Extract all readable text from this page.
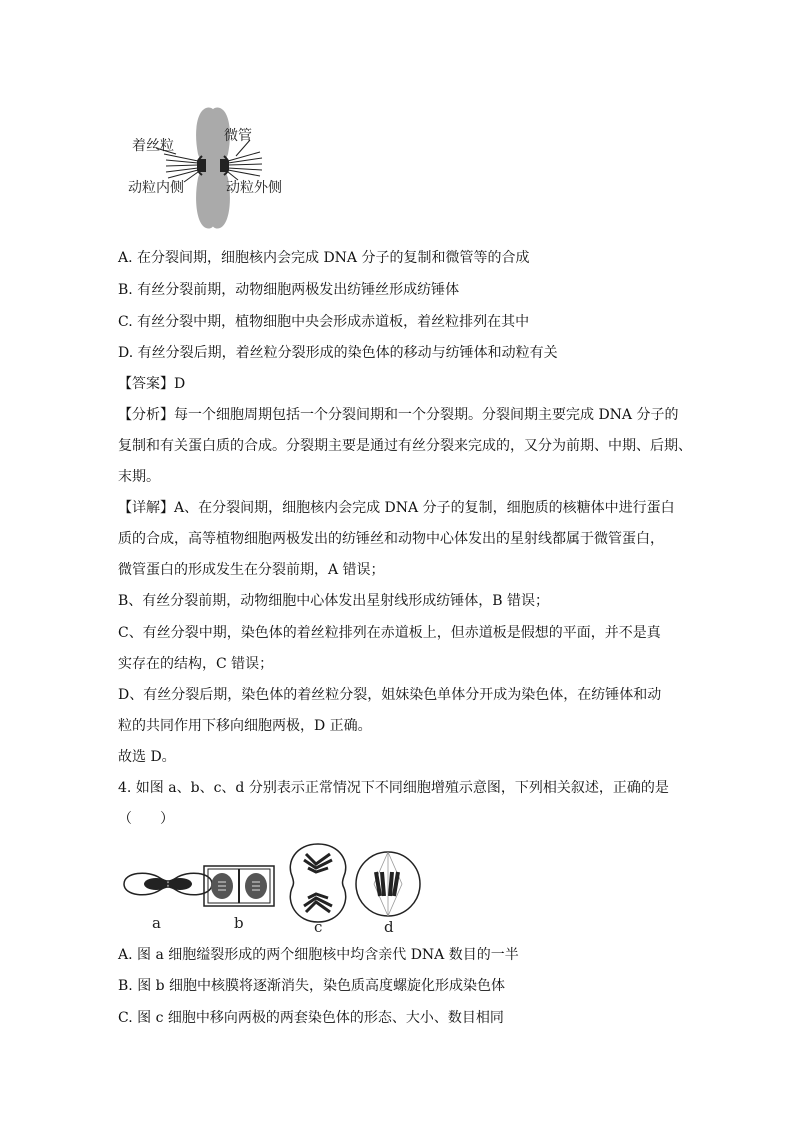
着丝粒
微管
动粒内侧	动粒外侧
A. 在分裂间期，细胞核内会完成 DNA 分子的复制和微管等的合成
B. 有丝分裂前期，动物细胞两极发出纺锤丝形成纺锤体
C. 有丝分裂中期，植物细胞中央会形成赤道板，着丝粒排列在其中
D. 有丝分裂后期，着丝粒分裂形成的染色体的移动与纺锤体和动粒有关
【答案】D
【分析】每一个细胞周期包括一个分裂间期和一个分裂期。分裂间期主要完成 DNA 分子的
复制和有关蛋白质的合成。分裂期主要是通过有丝分裂来完成的，又分为前期、中期、后期、
末期。
【详解】A、在分裂间期，细胞核内会完成 DNA 分子的复制，细胞质的核糖体中进行蛋白
质的合成，高等植物细胞两极发出的纺锤丝和动物中心体发出的星射线都属于微管蛋白，
微管蛋白的形成发生在分裂前期，A 错误；
B、有丝分裂前期，动物细胞中心体发出星射线形成纺锤体，B 错误；
C、有丝分裂中期，染色体的着丝粒排列在赤道板上，但赤道板是假想的平面，并不是真
实存在的结构，C 错误；
D、有丝分裂后期，染色体的着丝粒分裂，姐妹染色单体分开成为染色体，在纺锤体和动
粒的共同作用下移向细胞两极，D 正确。
故选 D。
4. 如图 a、b、c、d 分别表示正常情况下不同细胞增殖示意图，下列相关叙述，正确的是
（　　）
a	b	c	d
A. 图 a 细胞缢裂形成的两个细胞核中均含亲代 DNA 数目的一半
B. 图 b 细胞中核膜将逐渐消失，染色质高度螺旋化形成染色体
C. 图 c 细胞中移向两极的两套染色体的形态、大小、数目相同
